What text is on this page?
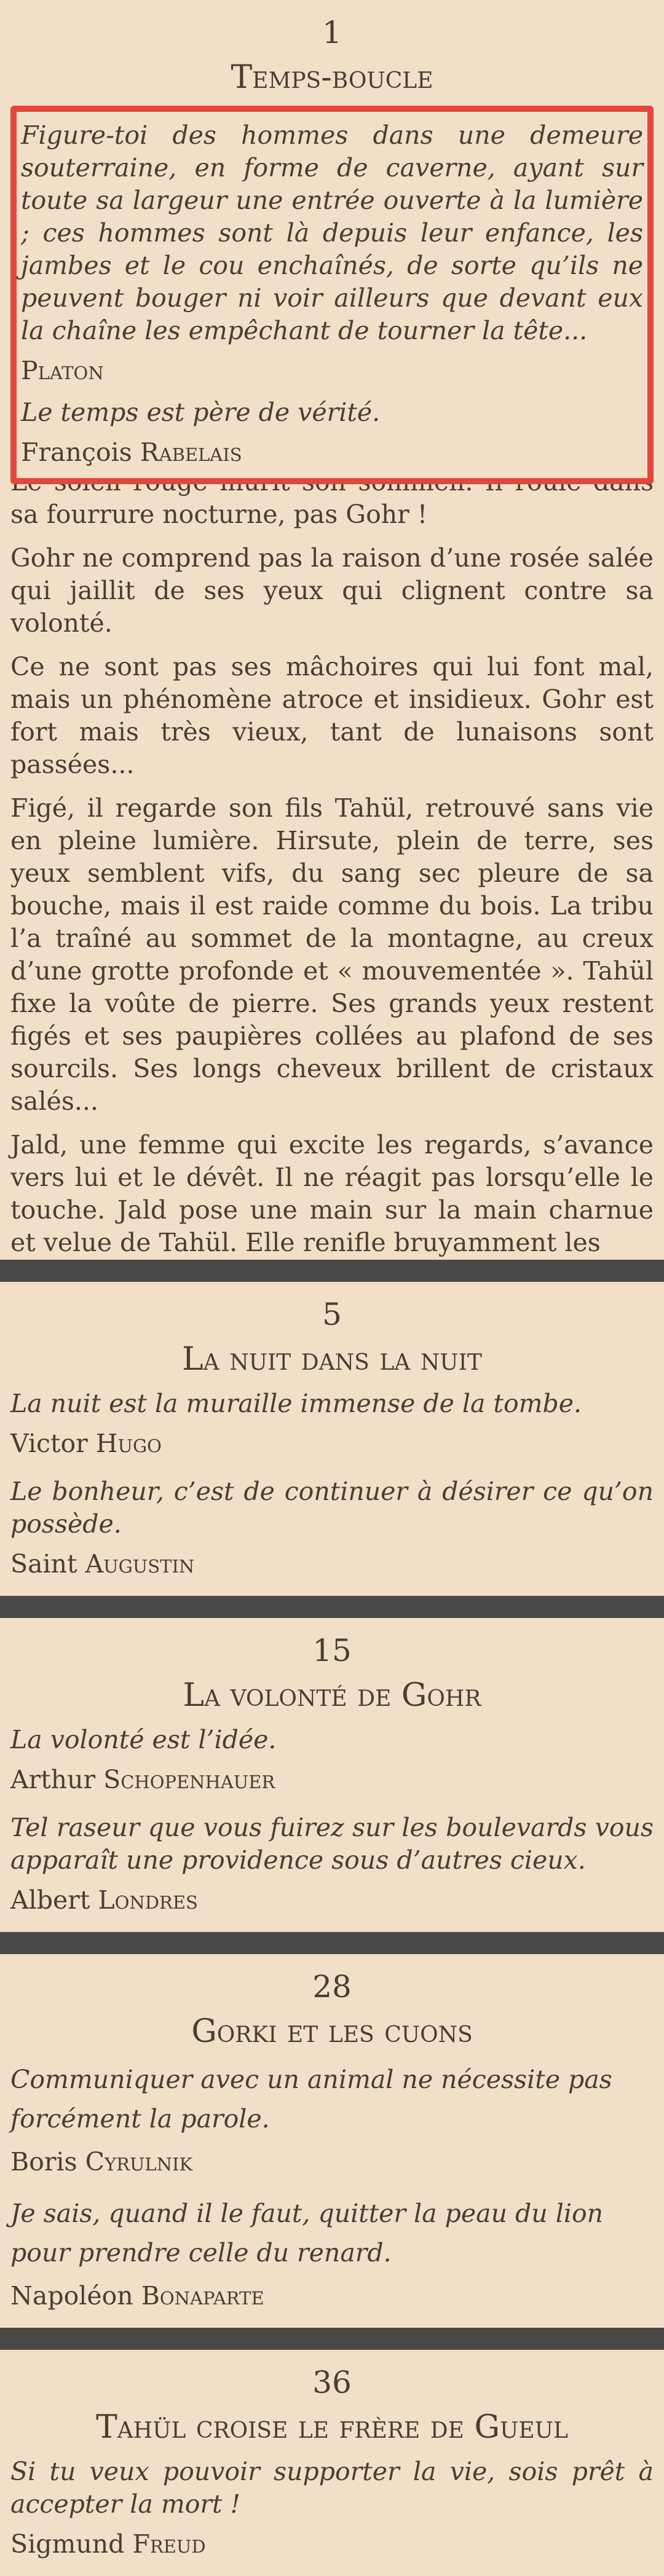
1
Temps-boucle

Figure-toi des hommes dans une demeure souterraine, en forme de caverne, ayant sur toute sa largeur une entrée ouverte à la lumière ; ces hommes sont là depuis leur enfance, les jambes et le cou enchaînés, de sorte qu’ils ne peuvent bouger ni voir ailleurs que devant eux la chaîne les empêchant de tourner la tête...

Platon

Le temps est père de vérité.

François Rabelais

sa fourrure nocturne, pas Gohr !

Gohr ne comprend pas la raison d’une rosée salée qui jaillit de ses yeux qui clignent contre sa volonté.

Ce ne sont pas ses mâchoires qui lui font mal, mais un phénomène atroce et insidieux. Gohr est fort mais très vieux, tant de lunaisons sont passées...

Figé, il regarde son fils Tahül, retrouvé sans vie en pleine lumière. Hirsute, plein de terre, ses yeux semblent vifs, du sang sec pleure de sa bouche, mais il est raide comme du bois. La tribu l’a traîné au sommet de la montagne, au creux d’une grotte profonde et « mouvementée ». Tahül fixe la voûte de pierre. Ses grands yeux restent figés et ses paupières collées au plafond de ses sourcils. Ses longs cheveux brillent de cristaux salés...

Jald, une femme qui excite les regards, s’avance vers lui et le dévêt. Il ne réagit pas lorsqu’elle le touche. Jald pose une main sur la main charnue et velue de Tahül. Elle renifle bruyamment les

5
La nuit dans la nuit

La nuit est la muraille immense de la tombe.

Victor Hugo

Le bonheur, c’est de continuer à désirer ce qu’on possède.

Saint Augustin
15
La volonté de Gohr

La volonté est l’idée.

Arthur Schopenhauer

Tel raseur que vous fuirez sur les boulevards vous apparaît une providence sous d’autres cieux.

Albert Londres
28
Gorki et les cuons

Communiquer avec un animal ne nécessite pas forcément la parole.

Boris Cyrulnik

Je sais, quand il le faut, quitter la peau du lion pour prendre celle du renard.

Napoléon Bonaparte
36
Tahül croise le frère de Gueul

Si tu veux pouvoir supporter la vie, sois prêt à accepter la mort !

Sigmund Freud
